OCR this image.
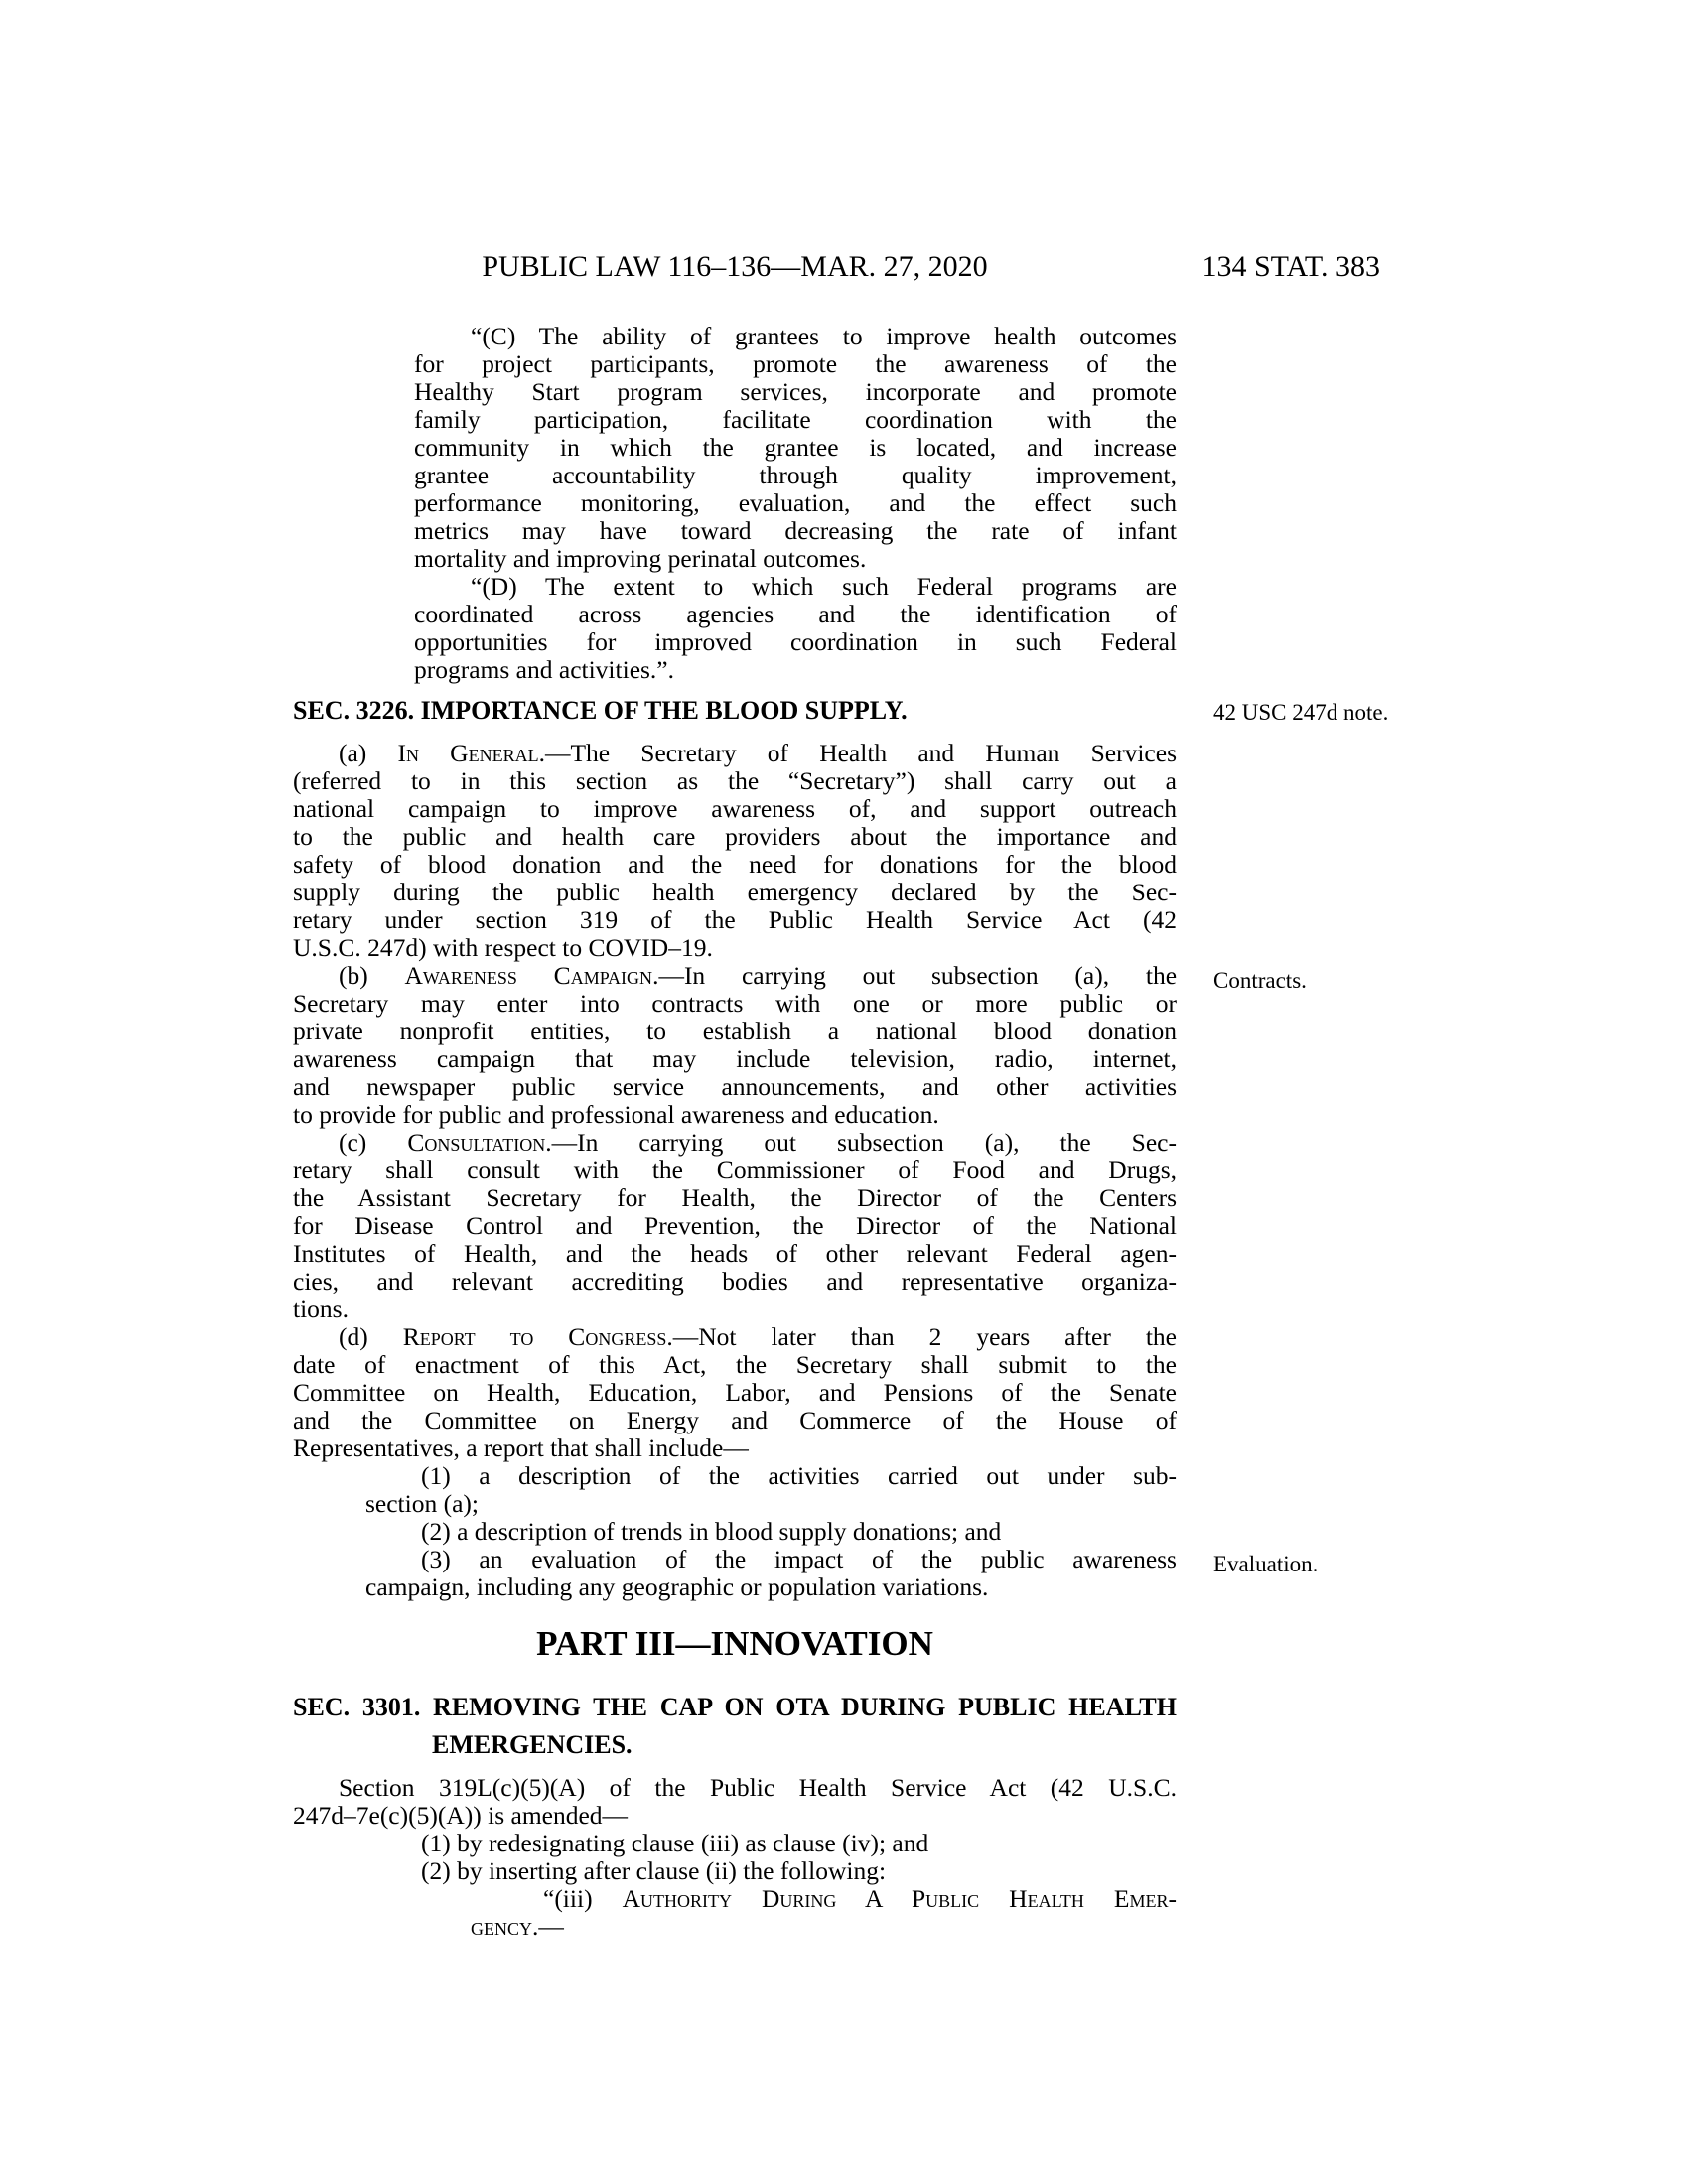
PUBLIC LAW 116–136—MAR. 27, 2020	134 STAT. 383
“(C) The ability of grantees to improve health outcomes
for project participants, promote the awareness of the
Healthy Start program services, incorporate and promote
family participation, facilitate coordination with the
community in which the grantee is located, and increase
grantee accountability through quality improvement,
performance monitoring, evaluation, and the effect such
metrics may have toward decreasing the rate of infant
mortality and improving perinatal outcomes.
“(D) The extent to which such Federal programs are
coordinated across agencies and the identification of
opportunities for improved coordination in such Federal
programs and activities.”.
SEC. 3226. IMPORTANCE OF THE BLOOD SUPPLY.
(a) In General.—The Secretary of Health and Human Services
(referred to in this section as the “Secretary”) shall carry out a
national campaign to improve awareness of, and support outreach
to the public and health care providers about the importance and
safety of blood donation and the need for donations for the blood
supply during the public health emergency declared by the Sec-
retary under section 319 of the Public Health Service Act (42
U.S.C. 247d) with respect to COVID–19.
(b) Awareness Campaign.—In carrying out subsection (a), the
Secretary may enter into contracts with one or more public or
private nonprofit entities, to establish a national blood donation
awareness campaign that may include television, radio, internet,
and newspaper public service announcements, and other activities
to provide for public and professional awareness and education.
(c) Consultation.—In carrying out subsection (a), the Sec-
retary shall consult with the Commissioner of Food and Drugs,
the Assistant Secretary for Health, the Director of the Centers
for Disease Control and Prevention, the Director of the National
Institutes of Health, and the heads of other relevant Federal agen-
cies, and relevant accrediting bodies and representative organiza-
tions.
(d) Report to Congress.—Not later than 2 years after the
date of enactment of this Act, the Secretary shall submit to the
Committee on Health, Education, Labor, and Pensions of the Senate
and the Committee on Energy and Commerce of the House of
Representatives, a report that shall include—
(1) a description of the activities carried out under sub-
section (a);
(2) a description of trends in blood supply donations; and
(3) an evaluation of the impact of the public awareness
campaign, including any geographic or population variations.
PART III—INNOVATION
SEC. 3301. REMOVING THE CAP ON OTA DURING PUBLIC HEALTH
EMERGENCIES.
Section 319L(c)(5)(A) of the Public Health Service Act (42 U.S.C.
247d–7e(c)(5)(A)) is amended—
(1) by redesignating clause (iii) as clause (iv); and
(2) by inserting after clause (ii) the following:
“(iii) Authority During A Public Health Emer-
gency.—
42 USC 247d note.
Contracts.
Evaluation.
